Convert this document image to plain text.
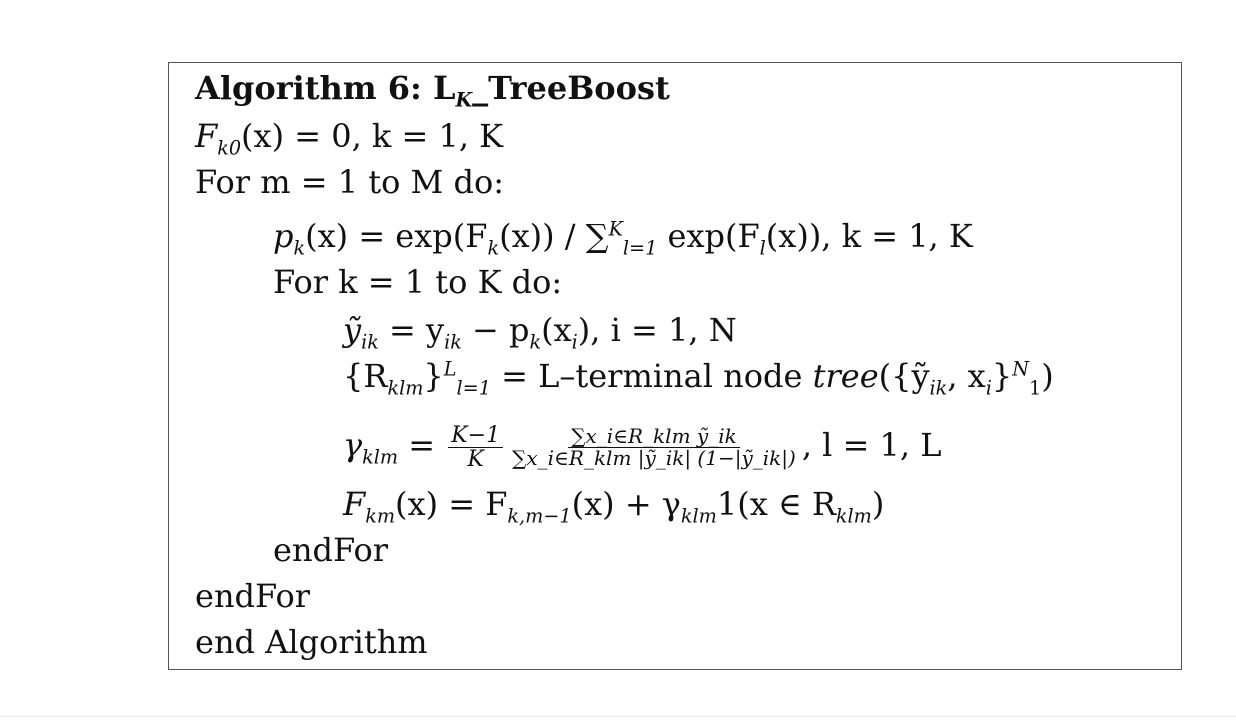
Algorithm 6: $L_K\_TreeBoost$
$F_{k0}(x) = 0$, k = 1, K
For m = 1 to M do:
$p_k(x) = \exp(F_k(x)) / \sum^K_{l=1}$ $\exp(F_l(x))$, k = 1, K
For k = 1 to K do:
ỹ$_{ik}$ = $y_{ik} - p_k(x_i)$, i = 1, N
$\{R_{klm}\}^L_{l=1}$ = L–terminal node tree({ỹ$_{ik}$, $x_i\}^N_1$)
$\gamma_{klm} = \frac{K-1}{K} \frac{\text{∑x\_i∈R\_klm ỹ\_ik}}{\text{∑x\_i∈R\_klm |ỹ\_ik| (1−|ỹ\_ik|)}}$ , l = 1, L
$F_{km}(x) = F_{k,m-1}(x) + \gamma_{klm}1(x$ ∈ $R_{klm}$)
endFor
endFor
end Algorithm
